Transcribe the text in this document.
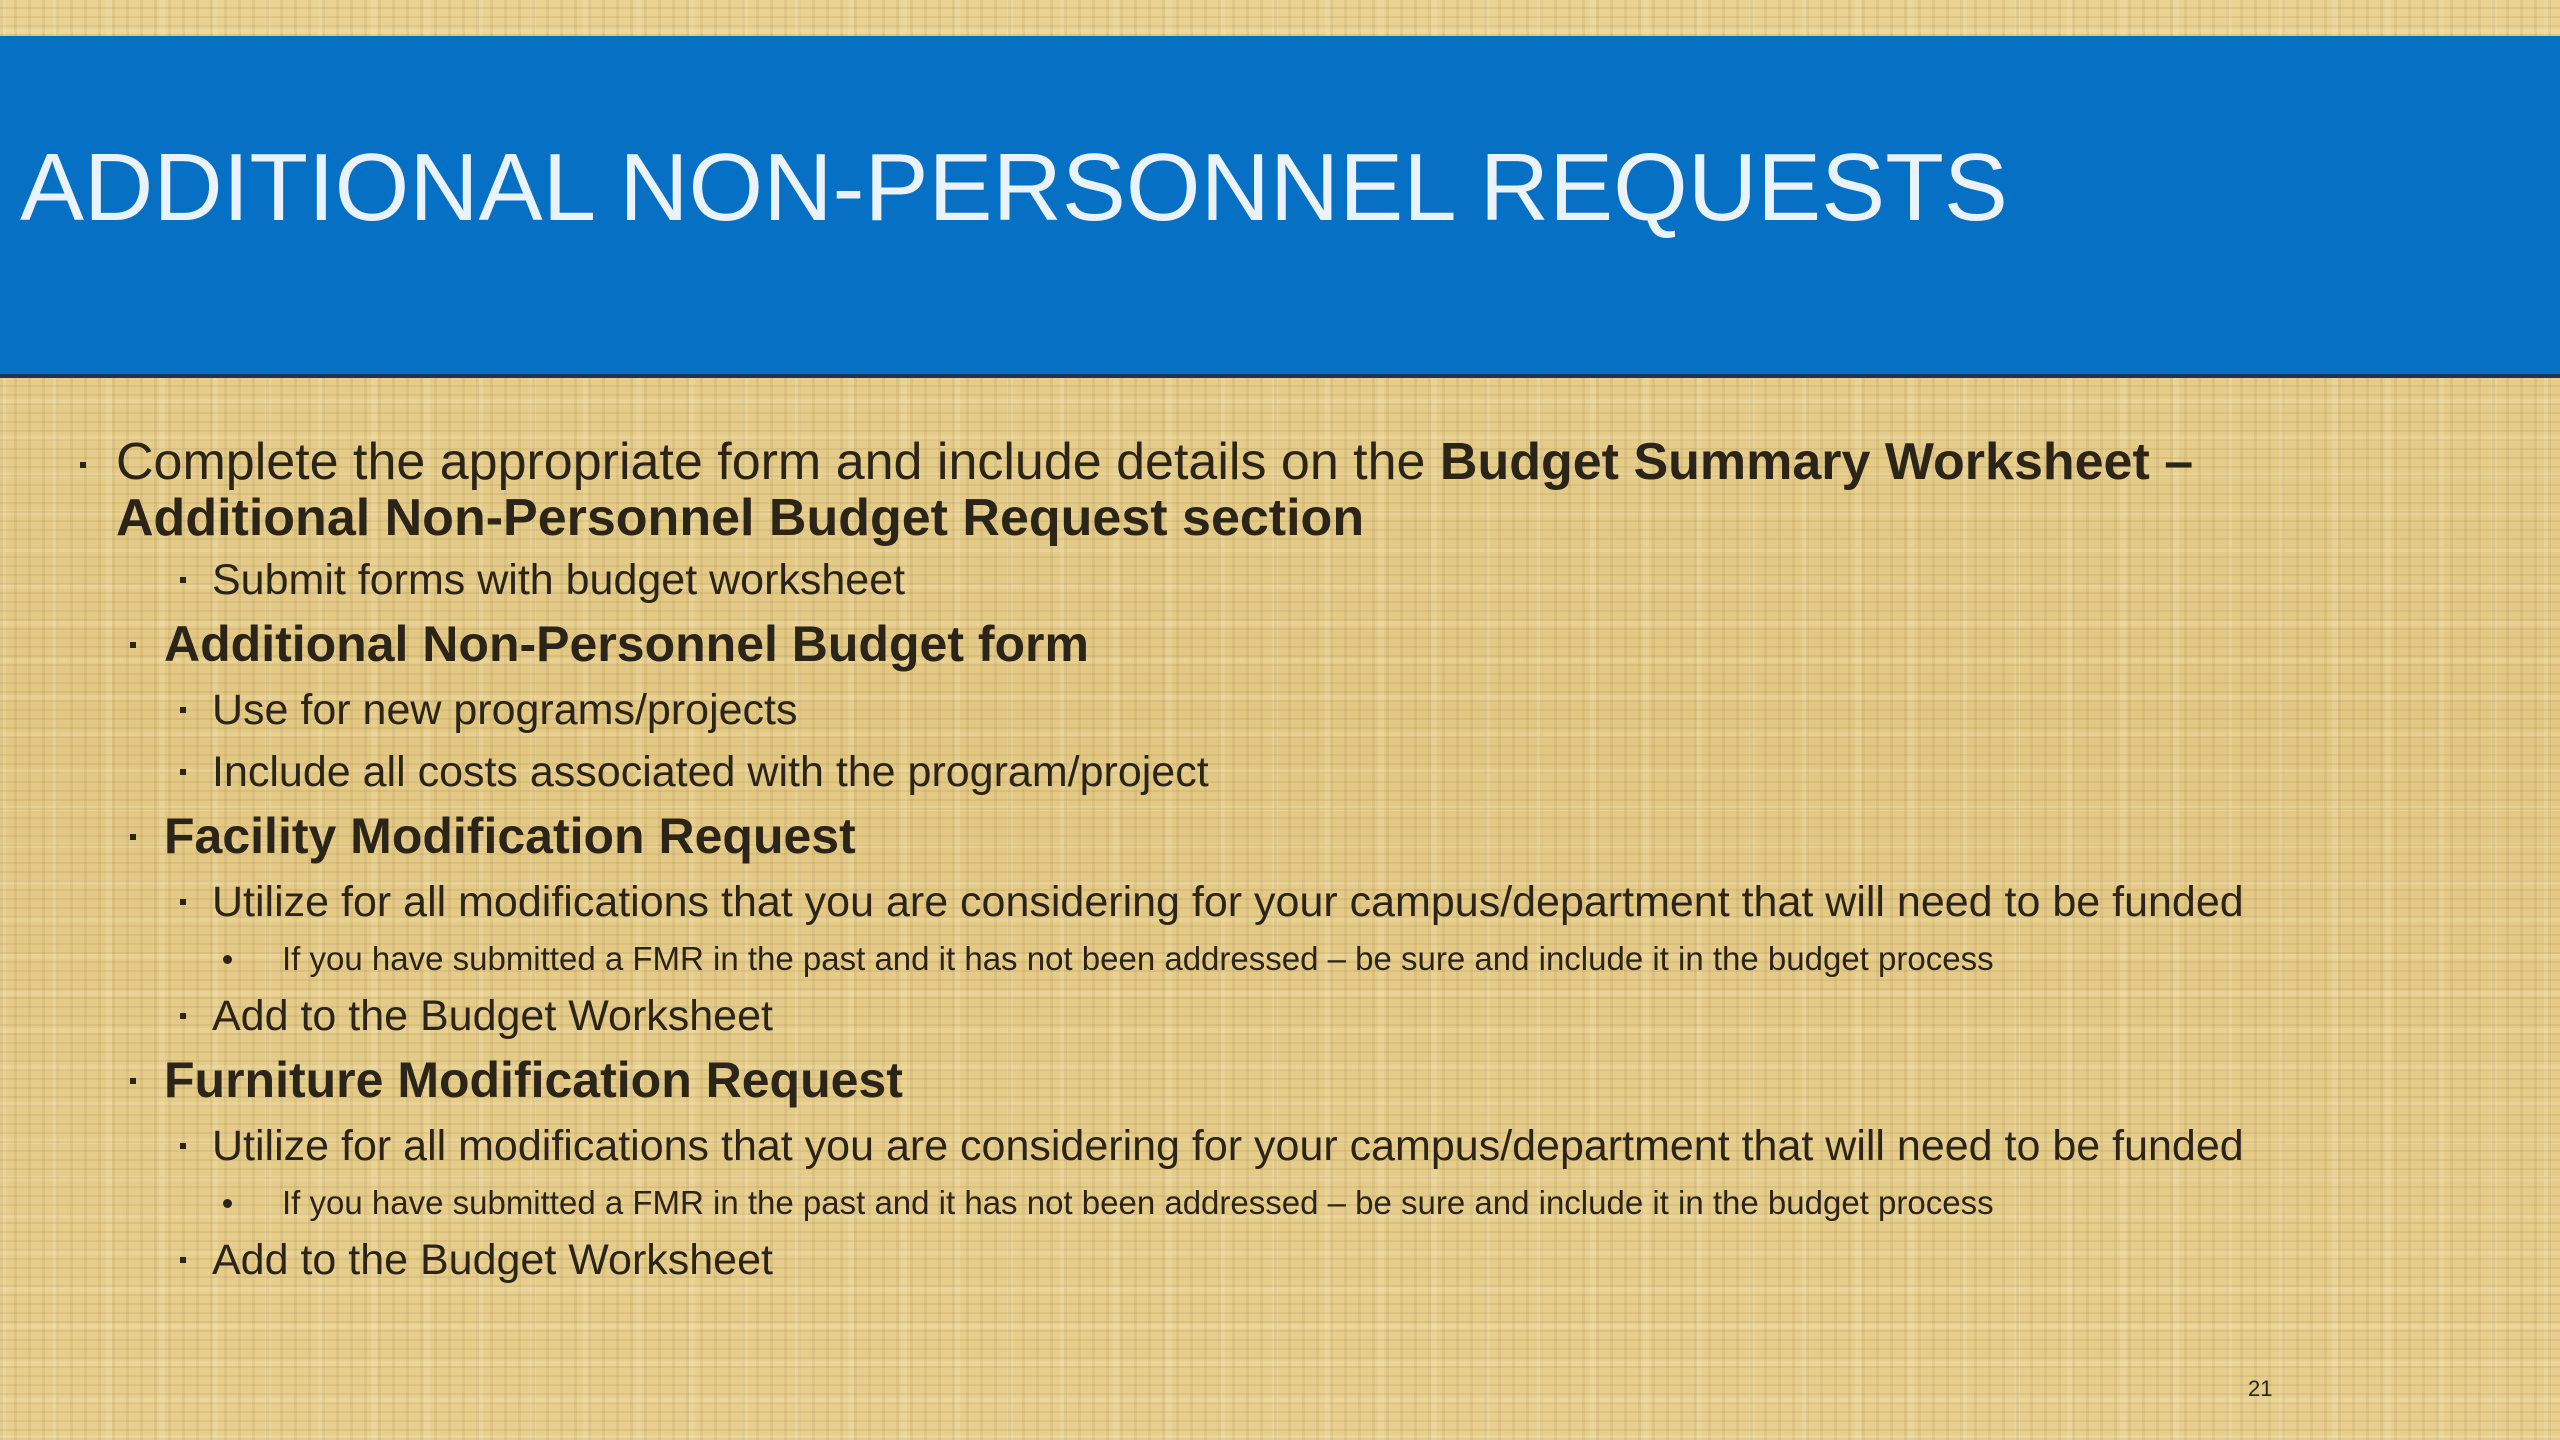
ADDITIONAL NON-PERSONNEL REQUESTS
Complete the appropriate form and include details on the Budget Summary Worksheet –
Additional Non-Personnel Budget Request section
Submit forms with budget worksheet
Additional Non-Personnel Budget form
Use for new programs/projects
Include all costs associated with the program/project
Facility Modification Request
Utilize for all modifications that you are considering for your campus/department that will need to be funded
If you have submitted a FMR in the past and it has not been addressed – be sure and include it in the budget process
Add to the Budget Worksheet
Furniture Modification Request
Utilize for all modifications that you are considering for your campus/department that will need to be funded
If you have submitted a FMR in the past and it has not been addressed – be sure and include it in the budget process
Add to the Budget Worksheet
21
